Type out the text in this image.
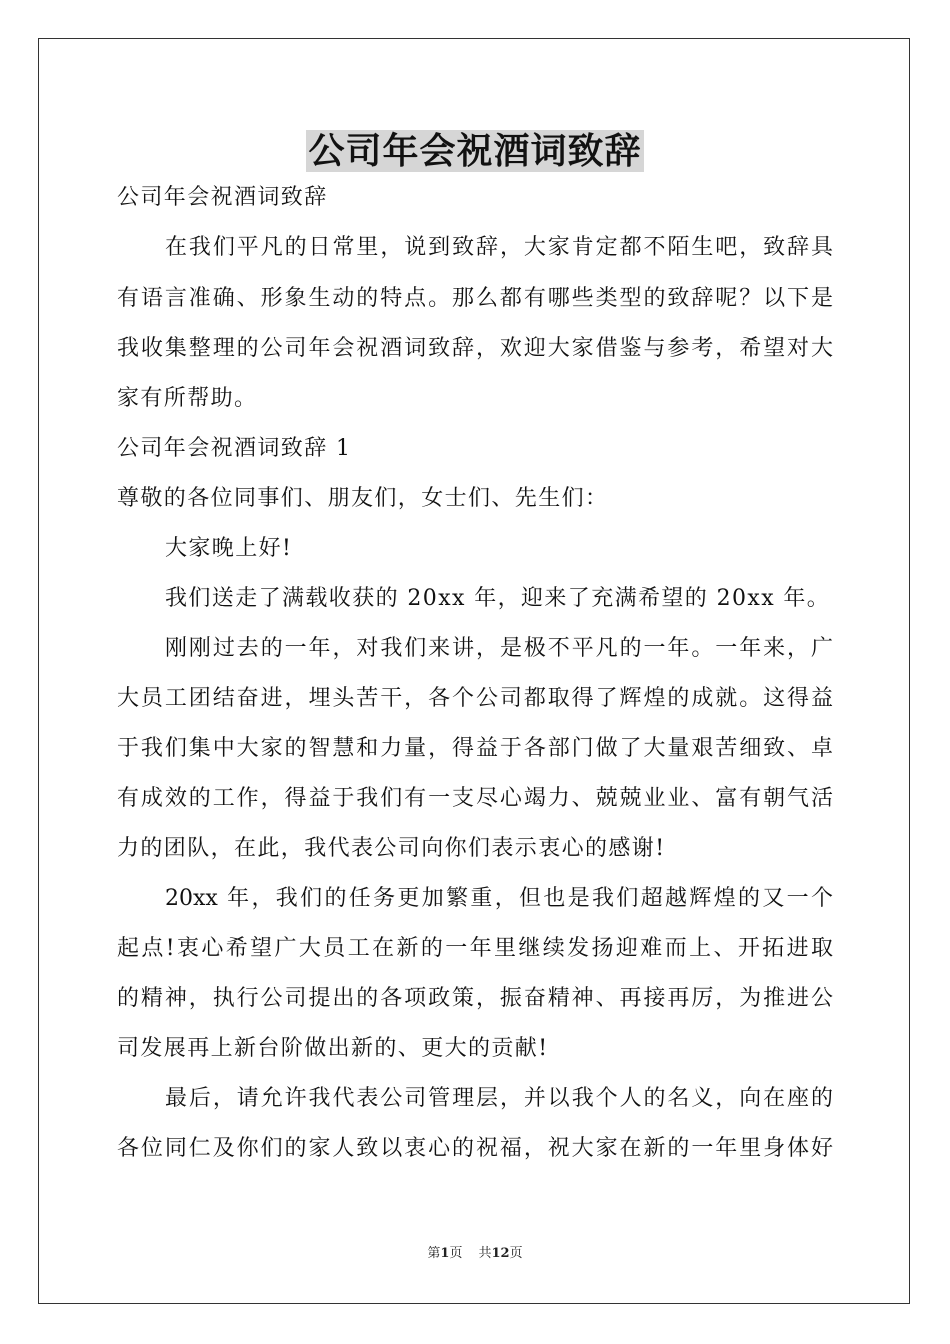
公司年会祝酒词致辞
公司年会祝酒词致辞
在我们平凡的日常里，说到致辞，大家肯定都不陌生吧，致辞具
有语言准确、形象生动的特点。那么都有哪些类型的致辞呢？以下是
我收集整理的公司年会祝酒词致辞，欢迎大家借鉴与参考，希望对大
家有所帮助。
公司年会祝酒词致辞 1
尊敬的各位同事们、朋友们，女士们、先生们：
大家晚上好!
我们送走了满载收获的 20xx 年，迎来了充满希望的 20xx 年。
刚刚过去的一年，对我们来讲，是极不平凡的一年。一年来，广
大员工团结奋进，埋头苦干，各个公司都取得了辉煌的成就。这得益
于我们集中大家的智慧和力量，得益于各部门做了大量艰苦细致、卓
有成效的工作，得益于我们有一支尽心竭力、兢兢业业、富有朝气活
力的团队，在此，我代表公司向你们表示衷心的感谢!
20xx 年，我们的任务更加繁重，但也是我们超越辉煌的又一个
起点!衷心希望广大员工在新的一年里继续发扬迎难而上、开拓进取
的精神，执行公司提出的各项政策，振奋精神、再接再厉，为推进公
司发展再上新台阶做出新的、更大的贡献!
最后，请允许我代表公司管理层，并以我个人的名义，向在座的
各位同仁及你们的家人致以衷心的祝福，祝大家在新的一年里身体好
第1页 共12页
